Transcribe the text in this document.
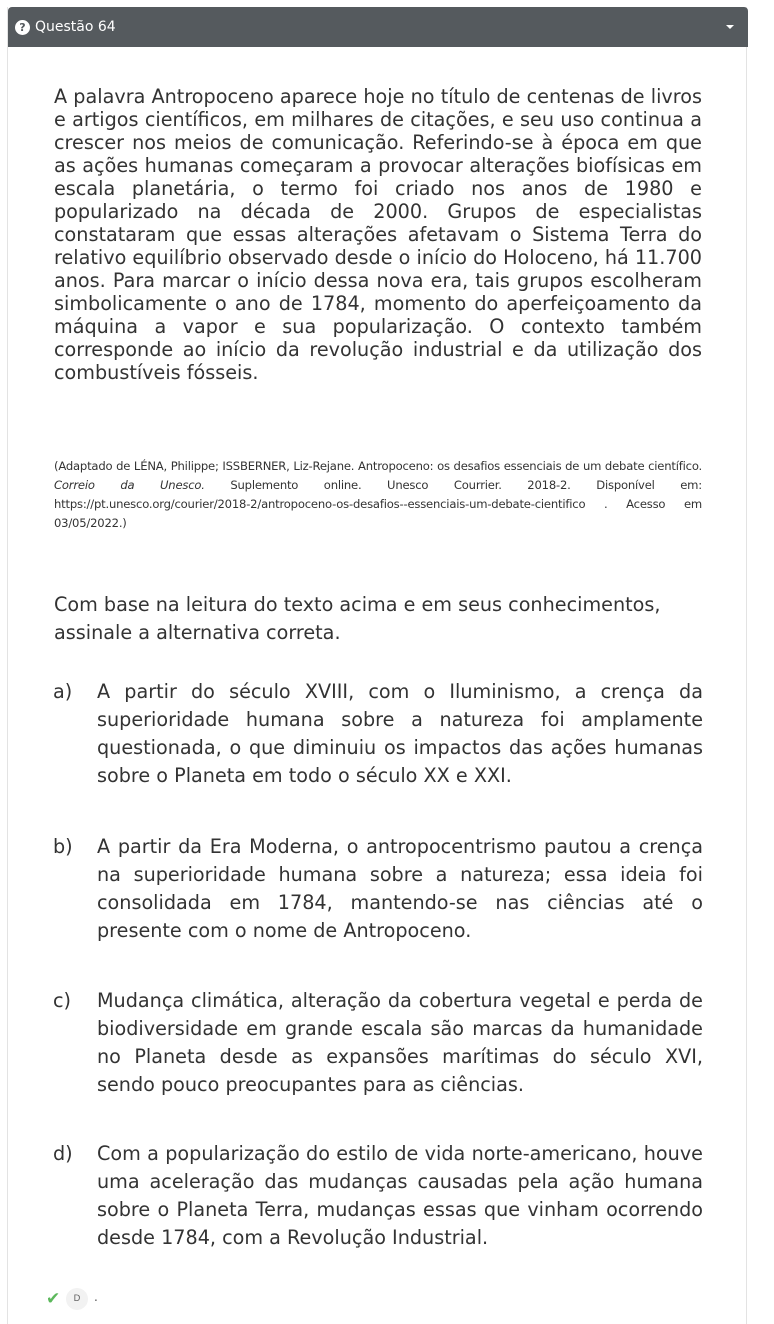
? Questão 64
A palavra Antropoceno aparece hoje no título de centenas de livros e artigos científicos, em milhares de citações, e seu uso continua a crescer nos meios de comunicação. Referindo-se à época em que as ações humanas começaram a provocar alterações biofísicas em escala planetária, o termo foi criado nos anos de 1980 e popularizado na década de 2000. Grupos de especialistas constataram que essas alterações afetavam o Sistema Terra do relativo equilíbrio observado desde o início do Holoceno, há 11.700 anos. Para marcar o início dessa nova era, tais grupos escolheram simbolicamente o ano de 1784, momento do aperfeiçoamento da máquina a vapor e sua popularização. O contexto também corresponde ao início da revolução industrial e da utilização dos combustíveis fósseis.
(Adaptado de LÉNA, Philippe; ISSBERNER, Liz-Rejane. Antropoceno: os desafios essenciais de um debate científico. Correio da Unesco. Suplemento online. Unesco Courrier. 2018-2. Disponível em: https://pt.unesco.org/courier/2018-2/antropoceno-os-desafios--essenciais-um-debate-cientifico . Acesso em 03/05/2022.)
Com base na leitura do texto acima e em seus conhecimentos, assinale a alternativa correta.
a)	A partir do século XVIII, com o Iluminismo, a crença da superioridade humana sobre a natureza foi amplamente questionada, o que diminuiu os impactos das ações humanas sobre o Planeta em todo o século XX e XXI.
b)	A partir da Era Moderna, o antropocentrismo pautou a crença na superioridade humana sobre a natureza; essa ideia foi consolidada em 1784, mantendo-se nas ciências até o presente com o nome de Antropoceno.
c)	Mudança climática, alteração da cobertura vegetal e perda de biodiversidade em grande escala são marcas da humanidade no Planeta desde as expansões marítimas do século XVI, sendo pouco preocupantes para as ciências.
d)	Com a popularização do estilo de vida norte-americano, houve uma aceleração das mudanças causadas pela ação humana sobre o Planeta Terra, mudanças essas que vinham ocorrendo desde 1784, com a Revolução Industrial.
✔	D	.
